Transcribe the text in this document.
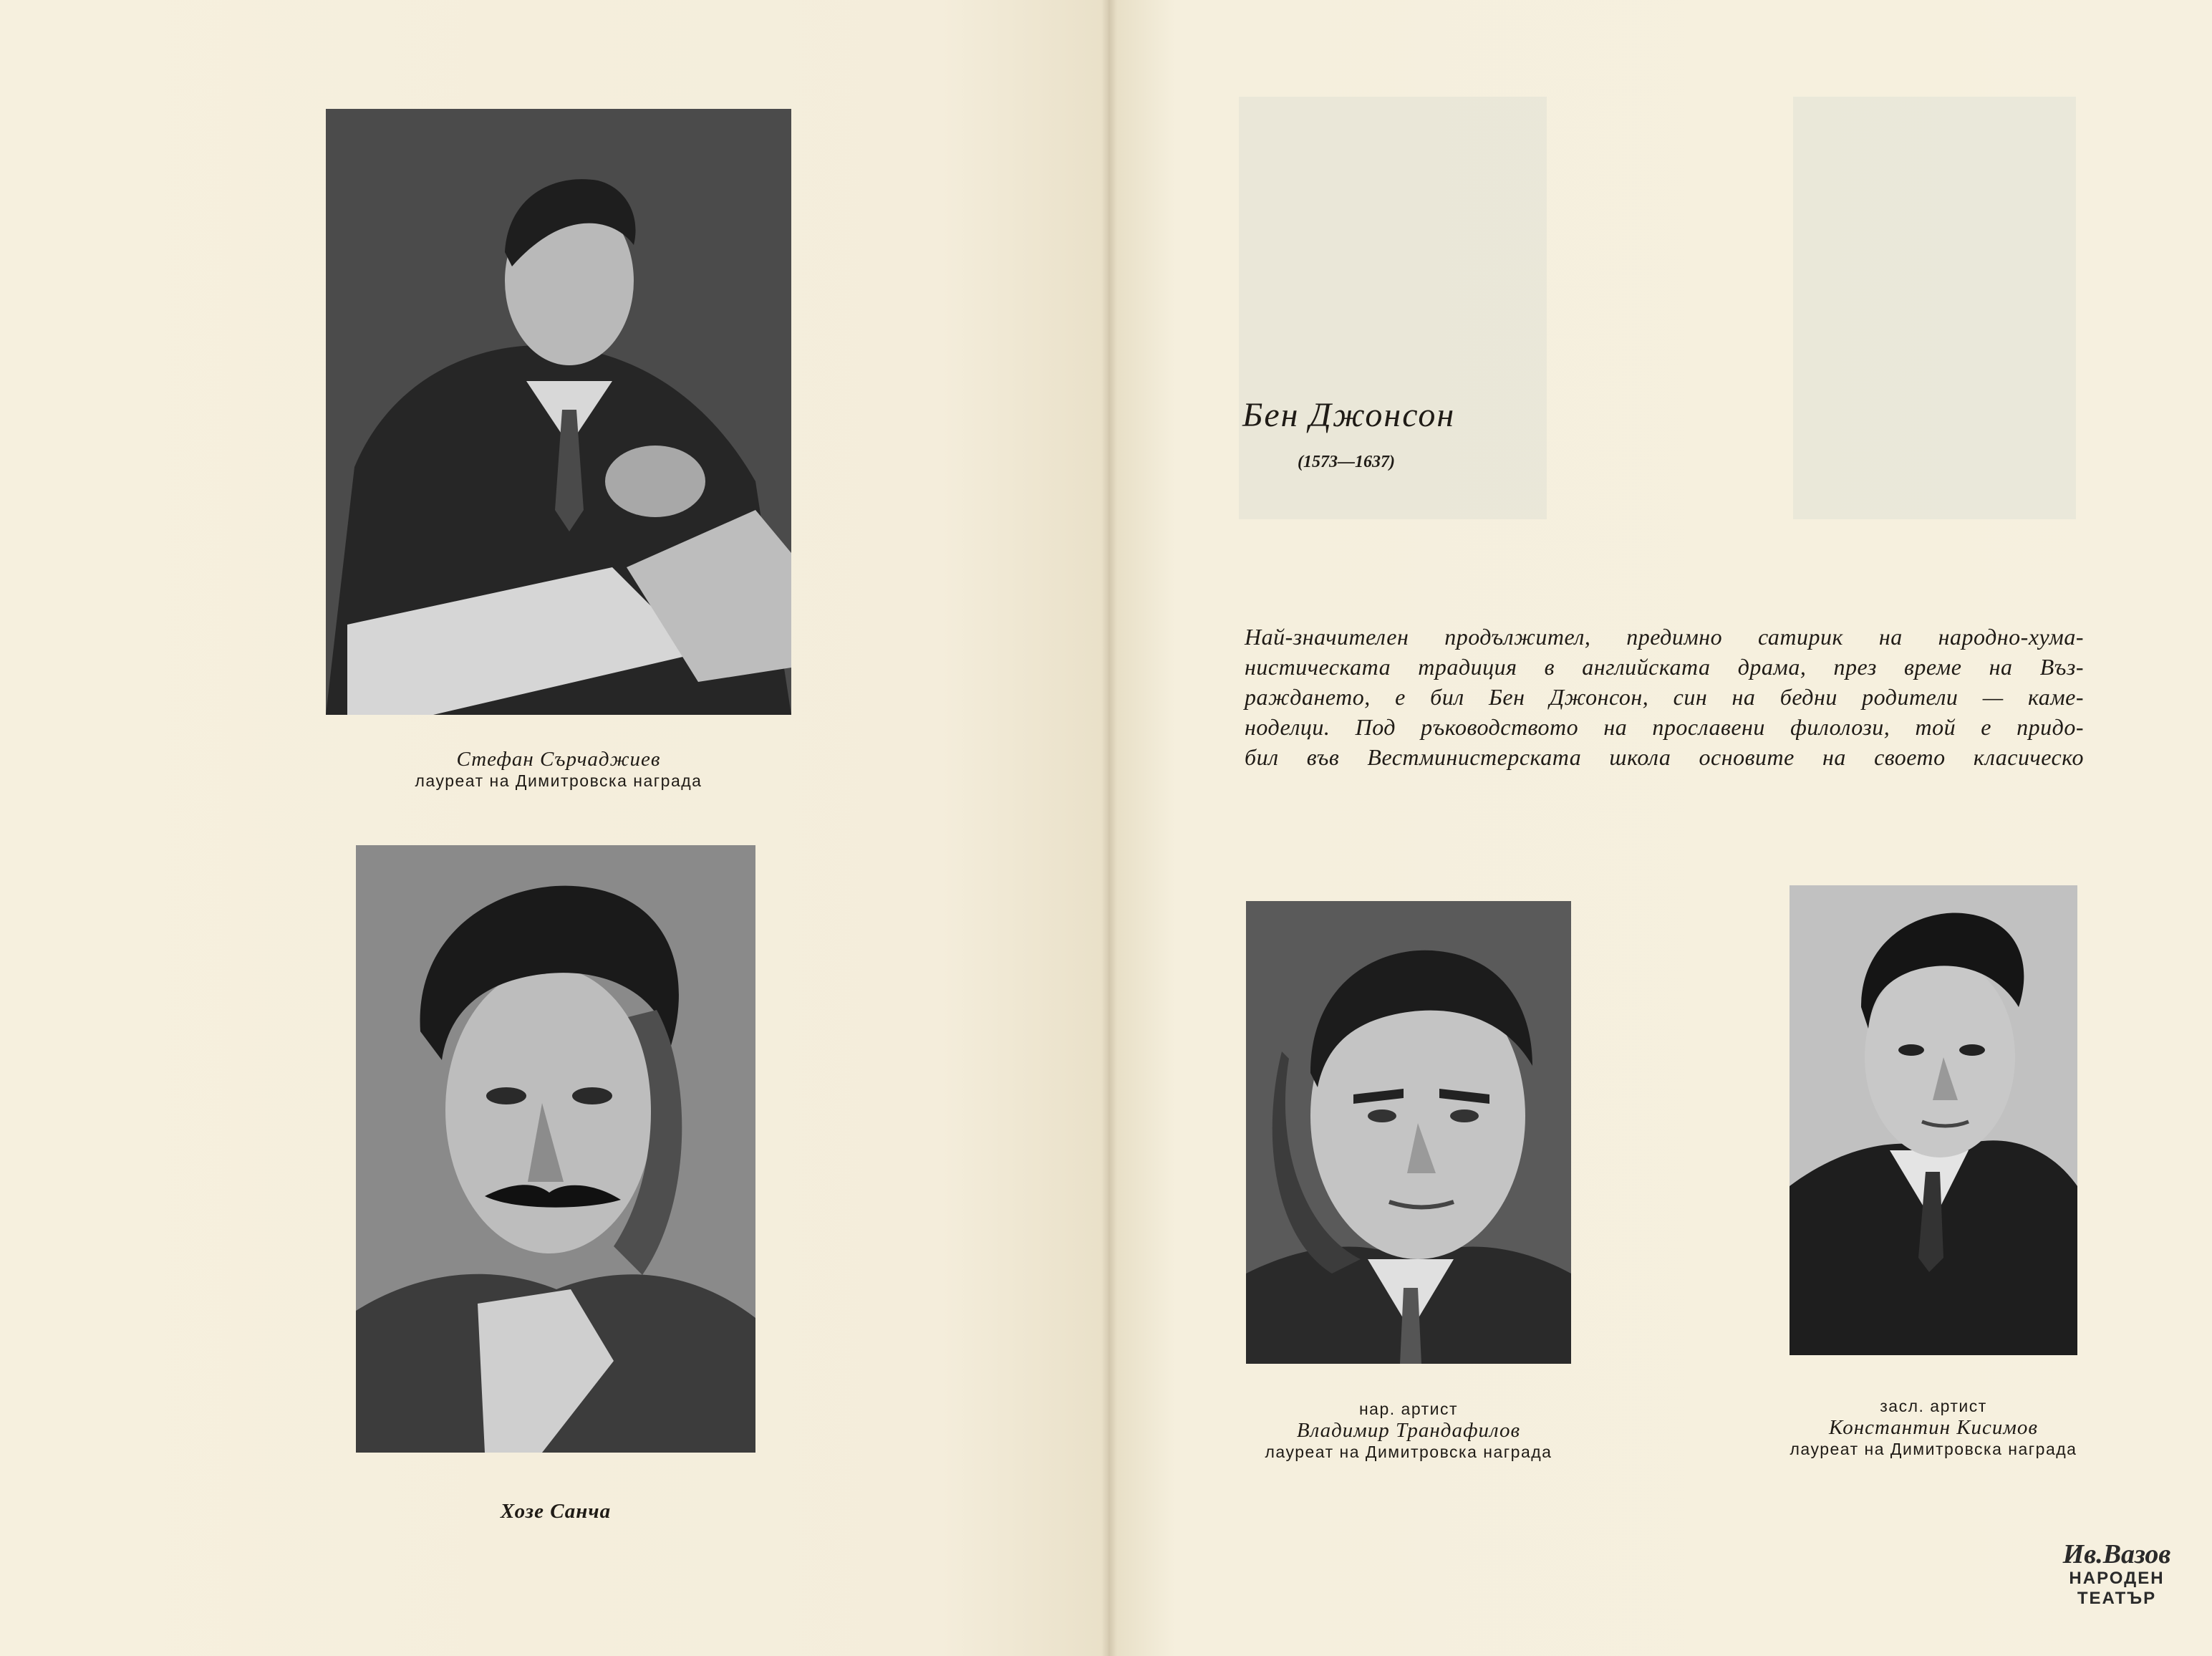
Стефан Сърчаджиев
лауреат на Димитровска награда
Хозе Санча
Бен Джонсон
(1573—1637)
Най-значителен продължител, предимно сатирик на народно-хума-
нистическата традиция в английската драма, през време на Въз-
раждането, е бил Бен Джонсон, син на бедни родители — каме-
ноделци. Под ръководството на прославени филолози, той е придо-
бил във Вестминистерската школа основите на своето класическо
нар. артист
Владимир Трандафилов
лауреат на Димитровска награда
засл. артист
Константин Кисимов
лауреат на Димитровска награда
Ив.Вазов
НАРОДЕН
ТЕАТЪР
